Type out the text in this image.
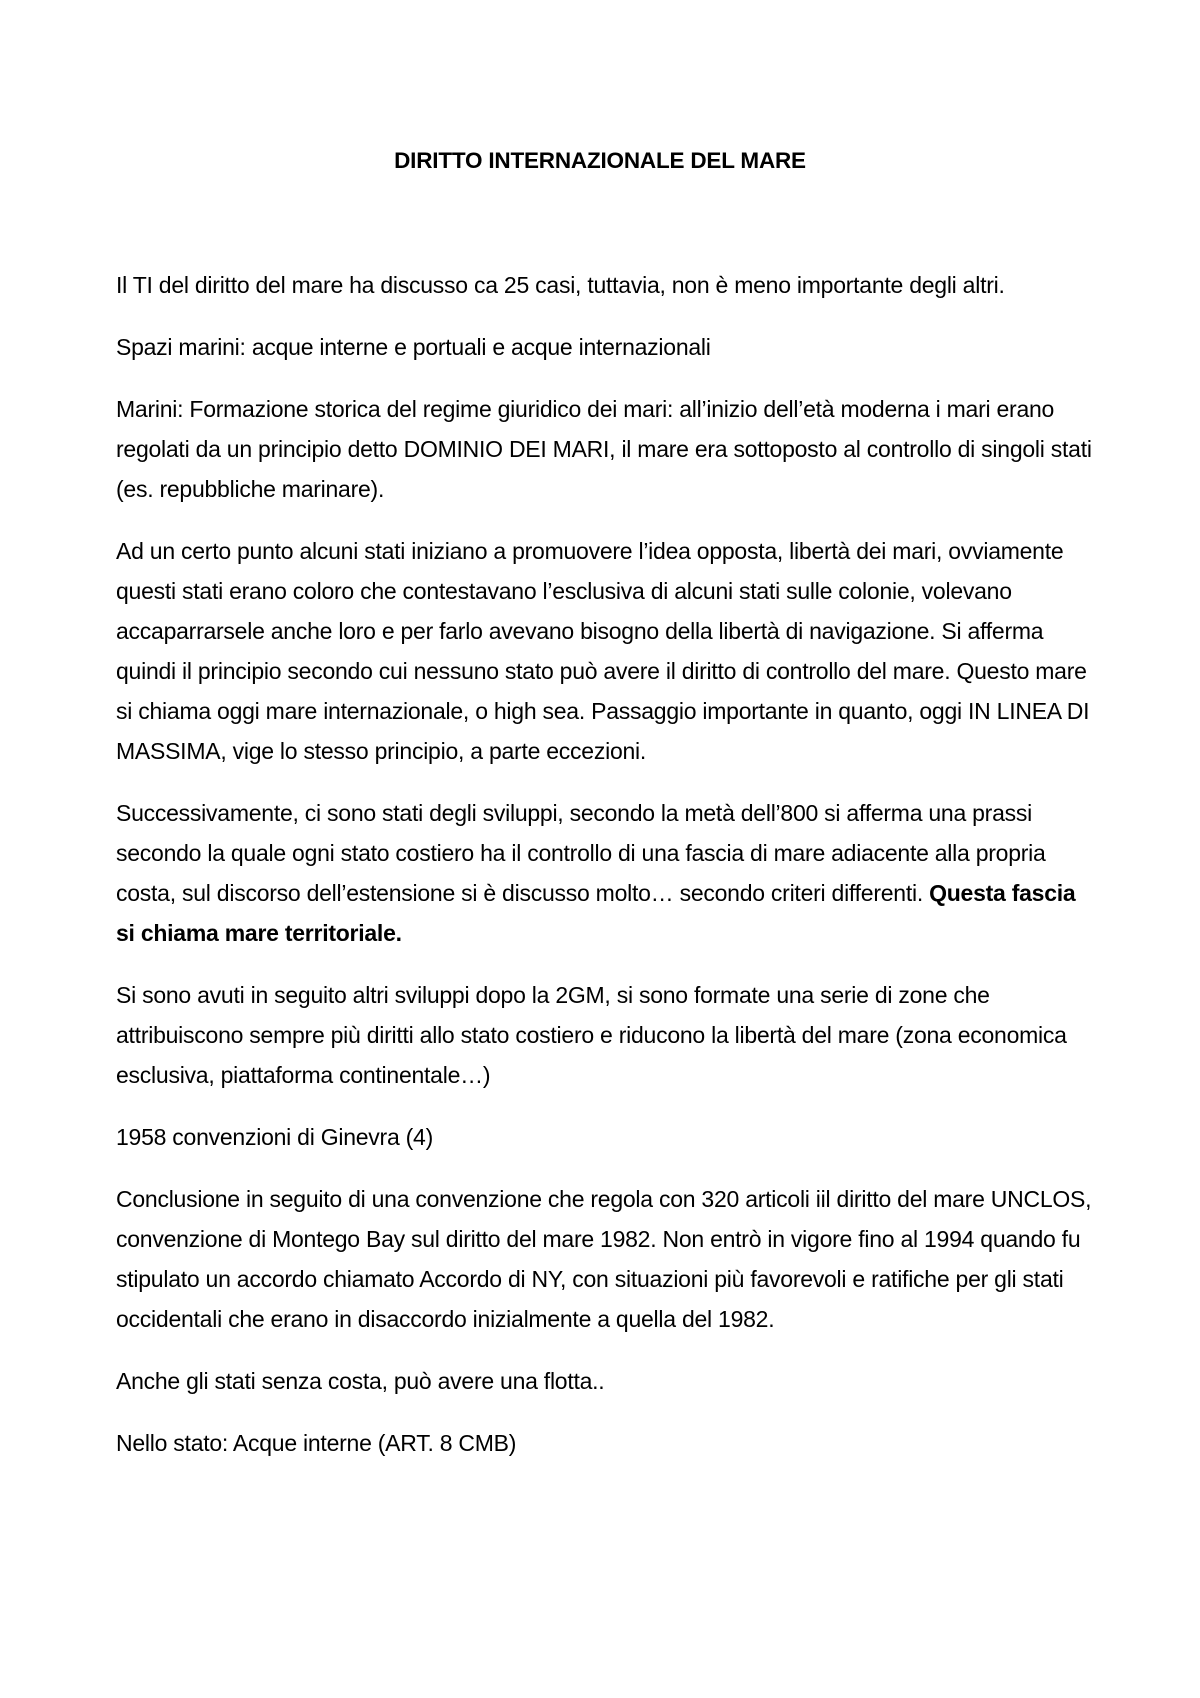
DIRITTO INTERNAZIONALE DEL MARE

Il TI del diritto del mare ha discusso ca 25 casi, tuttavia, non è meno importante degli altri.

Spazi marini: acque interne e portuali e acque internazionali

Marini: Formazione storica del regime giuridico dei mari: all’inizio dell’età moderna i mari erano regolati da un principio detto DOMINIO DEI MARI, il mare era sottoposto al controllo di singoli stati (es. repubbliche marinare).

Ad un certo punto alcuni stati iniziano a promuovere l’idea opposta, libertà dei mari, ovviamente questi stati erano coloro che contestavano l’esclusiva di alcuni stati sulle colonie, volevano accaparrarsele anche loro e per farlo avevano bisogno della libertà di navigazione. Si afferma quindi il principio secondo cui nessuno stato può avere il diritto di controllo del mare. Questo mare si chiama oggi mare internazionale, o high sea. Passaggio importante in quanto, oggi IN LINEA DI MASSIMA, vige lo stesso principio, a parte eccezioni.

Successivamente, ci sono stati degli sviluppi, secondo la metà dell’800 si afferma una prassi secondo la quale ogni stato costiero ha il controllo di una fascia di mare adiacente alla propria costa, sul discorso dell’estensione si è discusso molto… secondo criteri differenti. Questa fascia si chiama mare territoriale.

Si sono avuti in seguito altri sviluppi dopo la 2GM, si sono formate una serie di zone che attribuiscono sempre più diritti allo stato costiero e riducono la libertà del mare (zona economica esclusiva, piattaforma continentale…)

1958 convenzioni di Ginevra (4)

Conclusione in seguito di una convenzione che regola con 320 articoli iil diritto del mare UNCLOS, convenzione di Montego Bay sul diritto del mare 1982. Non entrò in vigore fino al 1994 quando fu stipulato un accordo chiamato Accordo di NY, con situazioni più favorevoli e ratifiche per gli stati occidentali che erano in disaccordo inizialmente a quella del 1982.

Anche gli stati senza costa, può avere una flotta..

Nello stato: Acque interne (ART. 8 CMB)
